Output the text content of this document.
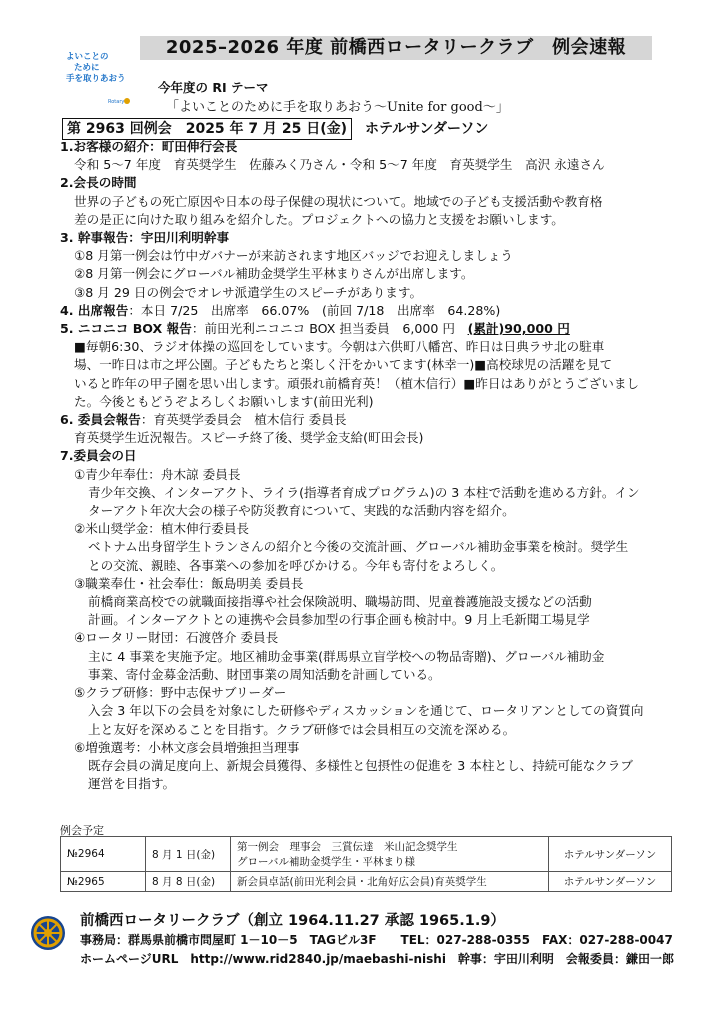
2025–2026 年度 前橋西ロータリークラブ　例会速報
よいことの
ために
手を取りあおう
Rotary
今年度の RI テーマ
「よいことのために手を取りあおう～Unite for good～」
第 2963 回例会　2025 年 7 月 25 日(金) ホテルサンダーソン
1.お客様の紹介：町田伸行会長
令和 5～7 年度　育英奨学生　佐藤みく乃さん・令和 5～7 年度　育英奨学生　高沢 永遠さん
2.会長の時間
世界の子どもの死亡原因や日本の母子保健の現状について。地域での子ども支援活動や教育格
差の是正に向けた取り組みを紹介した。プロジェクトへの協力と支援をお願いします。
3. 幹事報告：宇田川利明幹事
①8 月第一例会は竹中ガバナーが来訪されます地区バッジでお迎えしましょう
②8 月第一例会にグローバル補助金奨学生平林まりさんが出席します。
③8 月 29 日の例会でオレサ派遣学生のスピーチがあります。
4. 出席報告：本日 7/25　出席率　66.07%　(前回 7/18　出席率　64.28%)
5. ニコニコ BOX 報告：前田光利ニコニコ BOX 担当委員　6,000 円　(累計)90,000 円
■毎朝6:30、ラジオ体操の巡回をしています。今朝は六供町八幡宮、昨日は日典ラサ北の駐車
場、一昨日は市之坪公園。子どもたちと楽しく汗をかいてます(林幸一)■高校球児の活躍を見て
いると昨年の甲子園を思い出します。頑張れ前橋育英！（植木信行）■昨日はありがとうございまし
た。今後ともどうぞよろしくお願いします(前田光利)
6. 委員会報告：育英奨学委員会　植木信行 委員長
育英奨学生近況報告。スピーチ終了後、奨学金支給(町田会長)
7.委員会の日
①青少年奉仕：舟木諒 委員長
青少年交換、インターアクト、ライラ(指導者育成プログラム)の 3 本柱で活動を進める方針。イン
ターアクト年次大会の様子や防災教育について、実践的な活動内容を紹介。
②米山奨学金：植木伸行委員長
ベトナム出身留学生トランさんの紹介と今後の交流計画、グローバル補助金事業を検討。奨学生
との交流、親睦、各事業への参加を呼びかける。今年も寄付をよろしく。
③職業奉仕・社会奉仕：飯島明美 委員長
前橋商業高校での就職面接指導や社会保険説明、職場訪問、児童養護施設支援などの活動
計画。インターアクトとの連携や会員参加型の行事企画も検討中。9 月上毛新聞工場見学
④ロータリー財団：石渡啓介 委員長
主に 4 事業を実施予定。地区補助金事業(群馬県立盲学校への物品寄贈)、グローバル補助金
事業、寄付金募金活動、財団事業の周知活動を計画している。
⑤クラブ研修：野中志保サブリーダー
入会 3 年以下の会員を対象にした研修やディスカッションを通じて、ロータリアンとしての資質向
上と友好を深めることを目指す。クラブ研修では会員相互の交流を深める。
⑥増強選考：小林文彦会員増強担当理事
既存会員の満足度向上、新規会員獲得、多様性と包摂性の促進を 3 本柱とし、持続可能なクラブ
運営を目指す。
例会予定
№2964	8 月 1 日(金)	第一例会　理事会　三賞伝達　米山記念奨学生
グローバル補助金奨学生・平林まり様	ホテルサンダーソン
№2965	8 月 8 日(金)	新会員卓話(前田光利会員・北角好広会員)育英奨学生	ホテルサンダーソン
前橋西ロータリークラブ（創立 1964.11.27 承認 1965.1.9）
事務局：群馬県前橋市問屋町 1－10－5　TAGビル3F　　TEL：027-288-0355　FAX：027-288-0047
ホームページURL　http://www.rid2840.jp/maebashi-nishi　幹事：宇田川利明　会報委員：鎌田一郎
